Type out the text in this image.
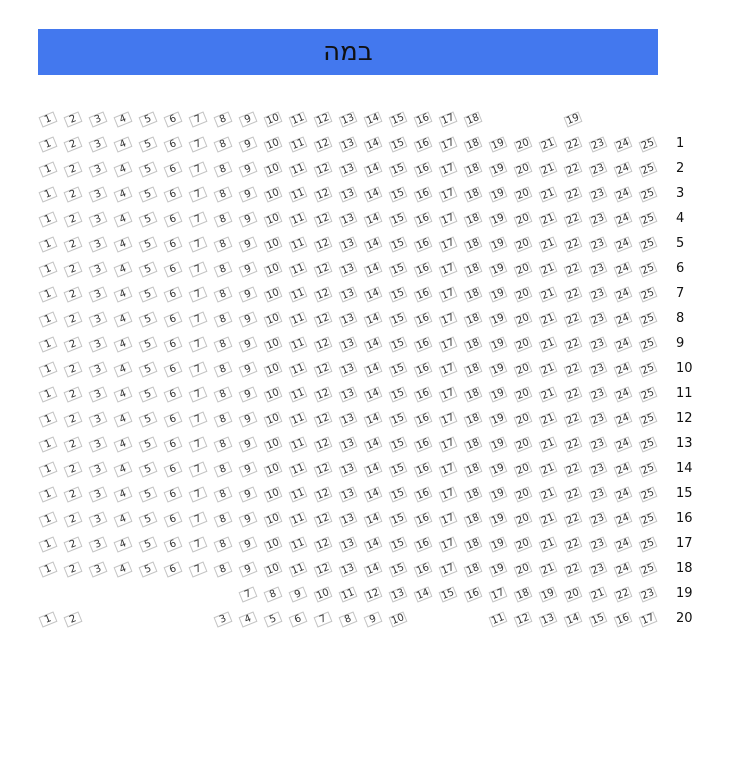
במה
1 2 3 4 5 6 7 8 9 10 11 12 13 14 15 16 17 18	19
1 2 3 4 5 6 7 8 9 10 11 12 13 14 15 16 17 18 19 20 21 22 23 24 25 1
1 2 3 4 5 6 7 8 9 10 11 12 13 14 15 16 17 18 19 20 21 22 23 24 25 2
1 2 3 4 5 6 7 8 9 10 11 12 13 14 15 16 17 18 19 20 21 22 23 24 25 3
1 2 3 4 5 6 7 8 9 10 11 12 13 14 15 16 17 18 19 20 21 22 23 24 25 4
1 2 3 4 5 6 7 8 9 10 11 12 13 14 15 16 17 18 19 20 21 22 23 24 25 5
1 2 3 4 5 6 7 8 9 10 11 12 13 14 15 16 17 18 19 20 21 22 23 24 25 6
1 2 3 4 5 6 7 8 9 10 11 12 13 14 15 16 17 18 19 20 21 22 23 24 25 7
1 2 3 4 5 6 7 8 9 10 11 12 13 14 15 16 17 18 19 20 21 22 23 24 25 8
1 2 3 4 5 6 7 8 9 10 11 12 13 14 15 16 17 18 19 20 21 22 23 24 25 9
1 2 3 4 5 6 7 8 9 10 11 12 13 14 15 16 17 18 19 20 21 22 23 24 25 10
1 2 3 4 5 6 7 8 9 10 11 12 13 14 15 16 17 18 19 20 21 22 23 24 25 11
1 2 3 4 5 6 7 8 9 10 11 12 13 14 15 16 17 18 19 20 21 22 23 24 25 12
1 2 3 4 5 6 7 8 9 10 11 12 13 14 15 16 17 18 19 20 21 22 23 24 25 13
1 2 3 4 5 6 7 8 9 10 11 12 13 14 15 16 17 18 19 20 21 22 23 24 25 14
1 2 3 4 5 6 7 8 9 10 11 12 13 14 15 16 17 18 19 20 21 22 23 24 25 15
1 2 3 4 5 6 7 8 9 10 11 12 13 14 15 16 17 18 19 20 21 22 23 24 25 16
1 2 3 4 5 6 7 8 9 10 11 12 13 14 15 16 17 18 19 20 21 22 23 24 25 17
1 2 3 4 5 6 7 8 9 10 11 12 13 14 15 16 17 18 19 20 21 22 23 24 25 18
7 8 9 10 11 12 13 14 15 16 17 18 19 20 21 22 23 19
1 2	3 4 5 6 7 8 9 10	11 12 13 14 15 16 17 20
